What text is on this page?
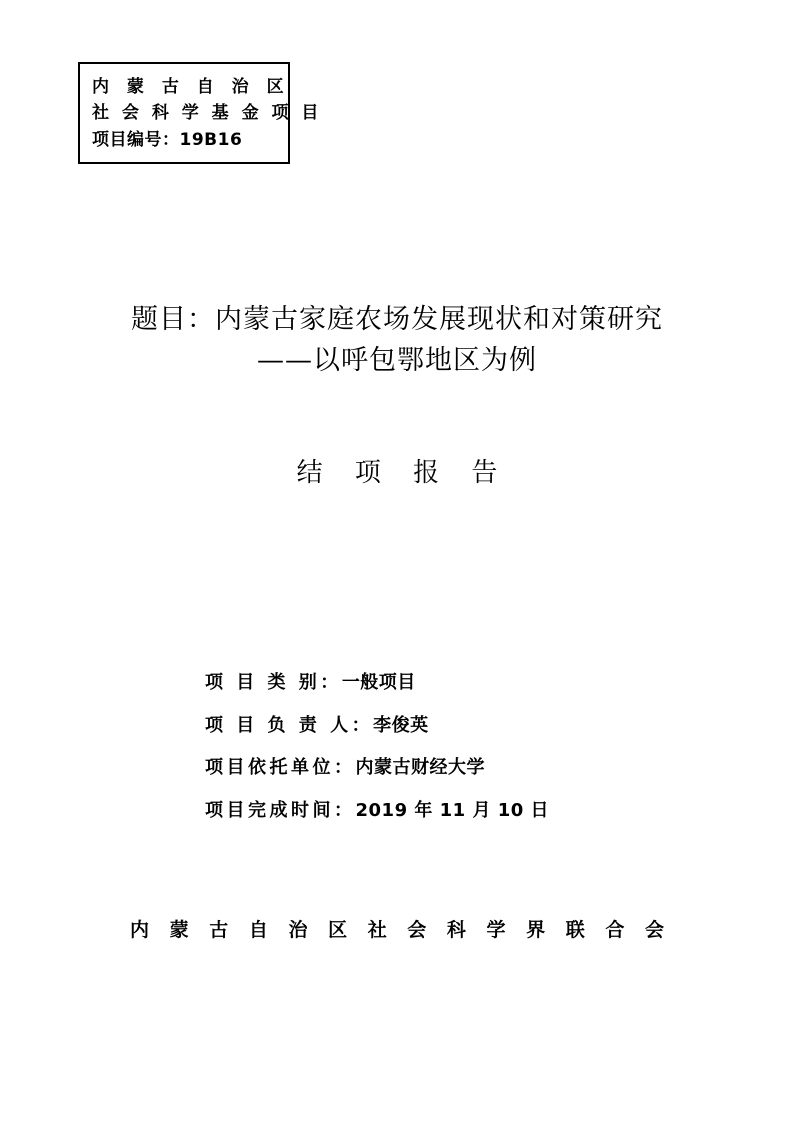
内 蒙 古 自 治 区
社 会 科 学 基 金 项 目
项目编号：19B16
题目：内蒙古家庭农场发展现状和对策研究
——以呼包鄂地区为例
结 项 报 告
项 目 类 别：一般项目
项 目 负 责 人：李俊英
项目依托单位：内蒙古财经大学
项目完成时间：2019 年 11 月 10 日
内 蒙 古 自 治 区 社 会 科 学 界 联 合 会
